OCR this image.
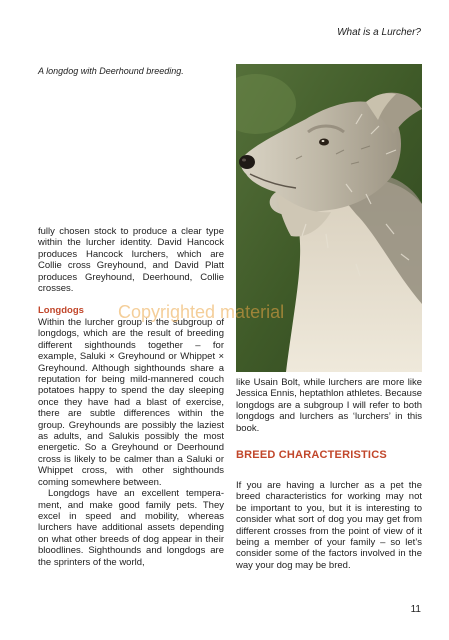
What is a Lurcher?
A longdog with Deerhound breeding.
Copyrighted material

fully chosen stock to produce a clear type within the lurcher identity. David Hancock produces Hancock lurchers, which are Collie cross Greyhound, and David Platt produces Greyhound, Deerhound, Collie crosses.

Longdogs

Within the lurcher group is the subgroup of longdogs, which are the result of breeding different sighthounds together – for example, Saluki × Greyhound or Whippet × Greyhound. Although sighthounds share a reputation for being mild-mannered couch potatoes happy to spend the day sleeping once they have had a blast of exercise, there are subtle differences within the group. Greyhounds are possibly the laziest as adults, and Salukis possibly the most energetic. So a Greyhound or Deerhound cross is likely to be calmer than a Saluki or Whippet cross, with other sighthounds coming somewhere between.

Longdogs have an excellent temperament, and make good family pets. They excel in speed and mobility, whereas lurchers have additional assets depending on what other breeds of dog appear in their bloodlines. Sighthounds and longdogs are the sprinters of the world,

like Usain Bolt, while lurchers are more like Jessica Ennis, heptathlon athletes. Because longdogs are a subgroup I will refer to both longdogs and lurchers as ‘lurchers’ in this book.

BREED CHARACTERISTICS

If you are having a lurcher as a pet the breed characteristics for working may not be important to you, but it is interesting to consider what sort of dog you may get from different crosses from the point of view of it being a member of your family – so let’s consider some of the factors involved in the way your dog may be bred.

11
